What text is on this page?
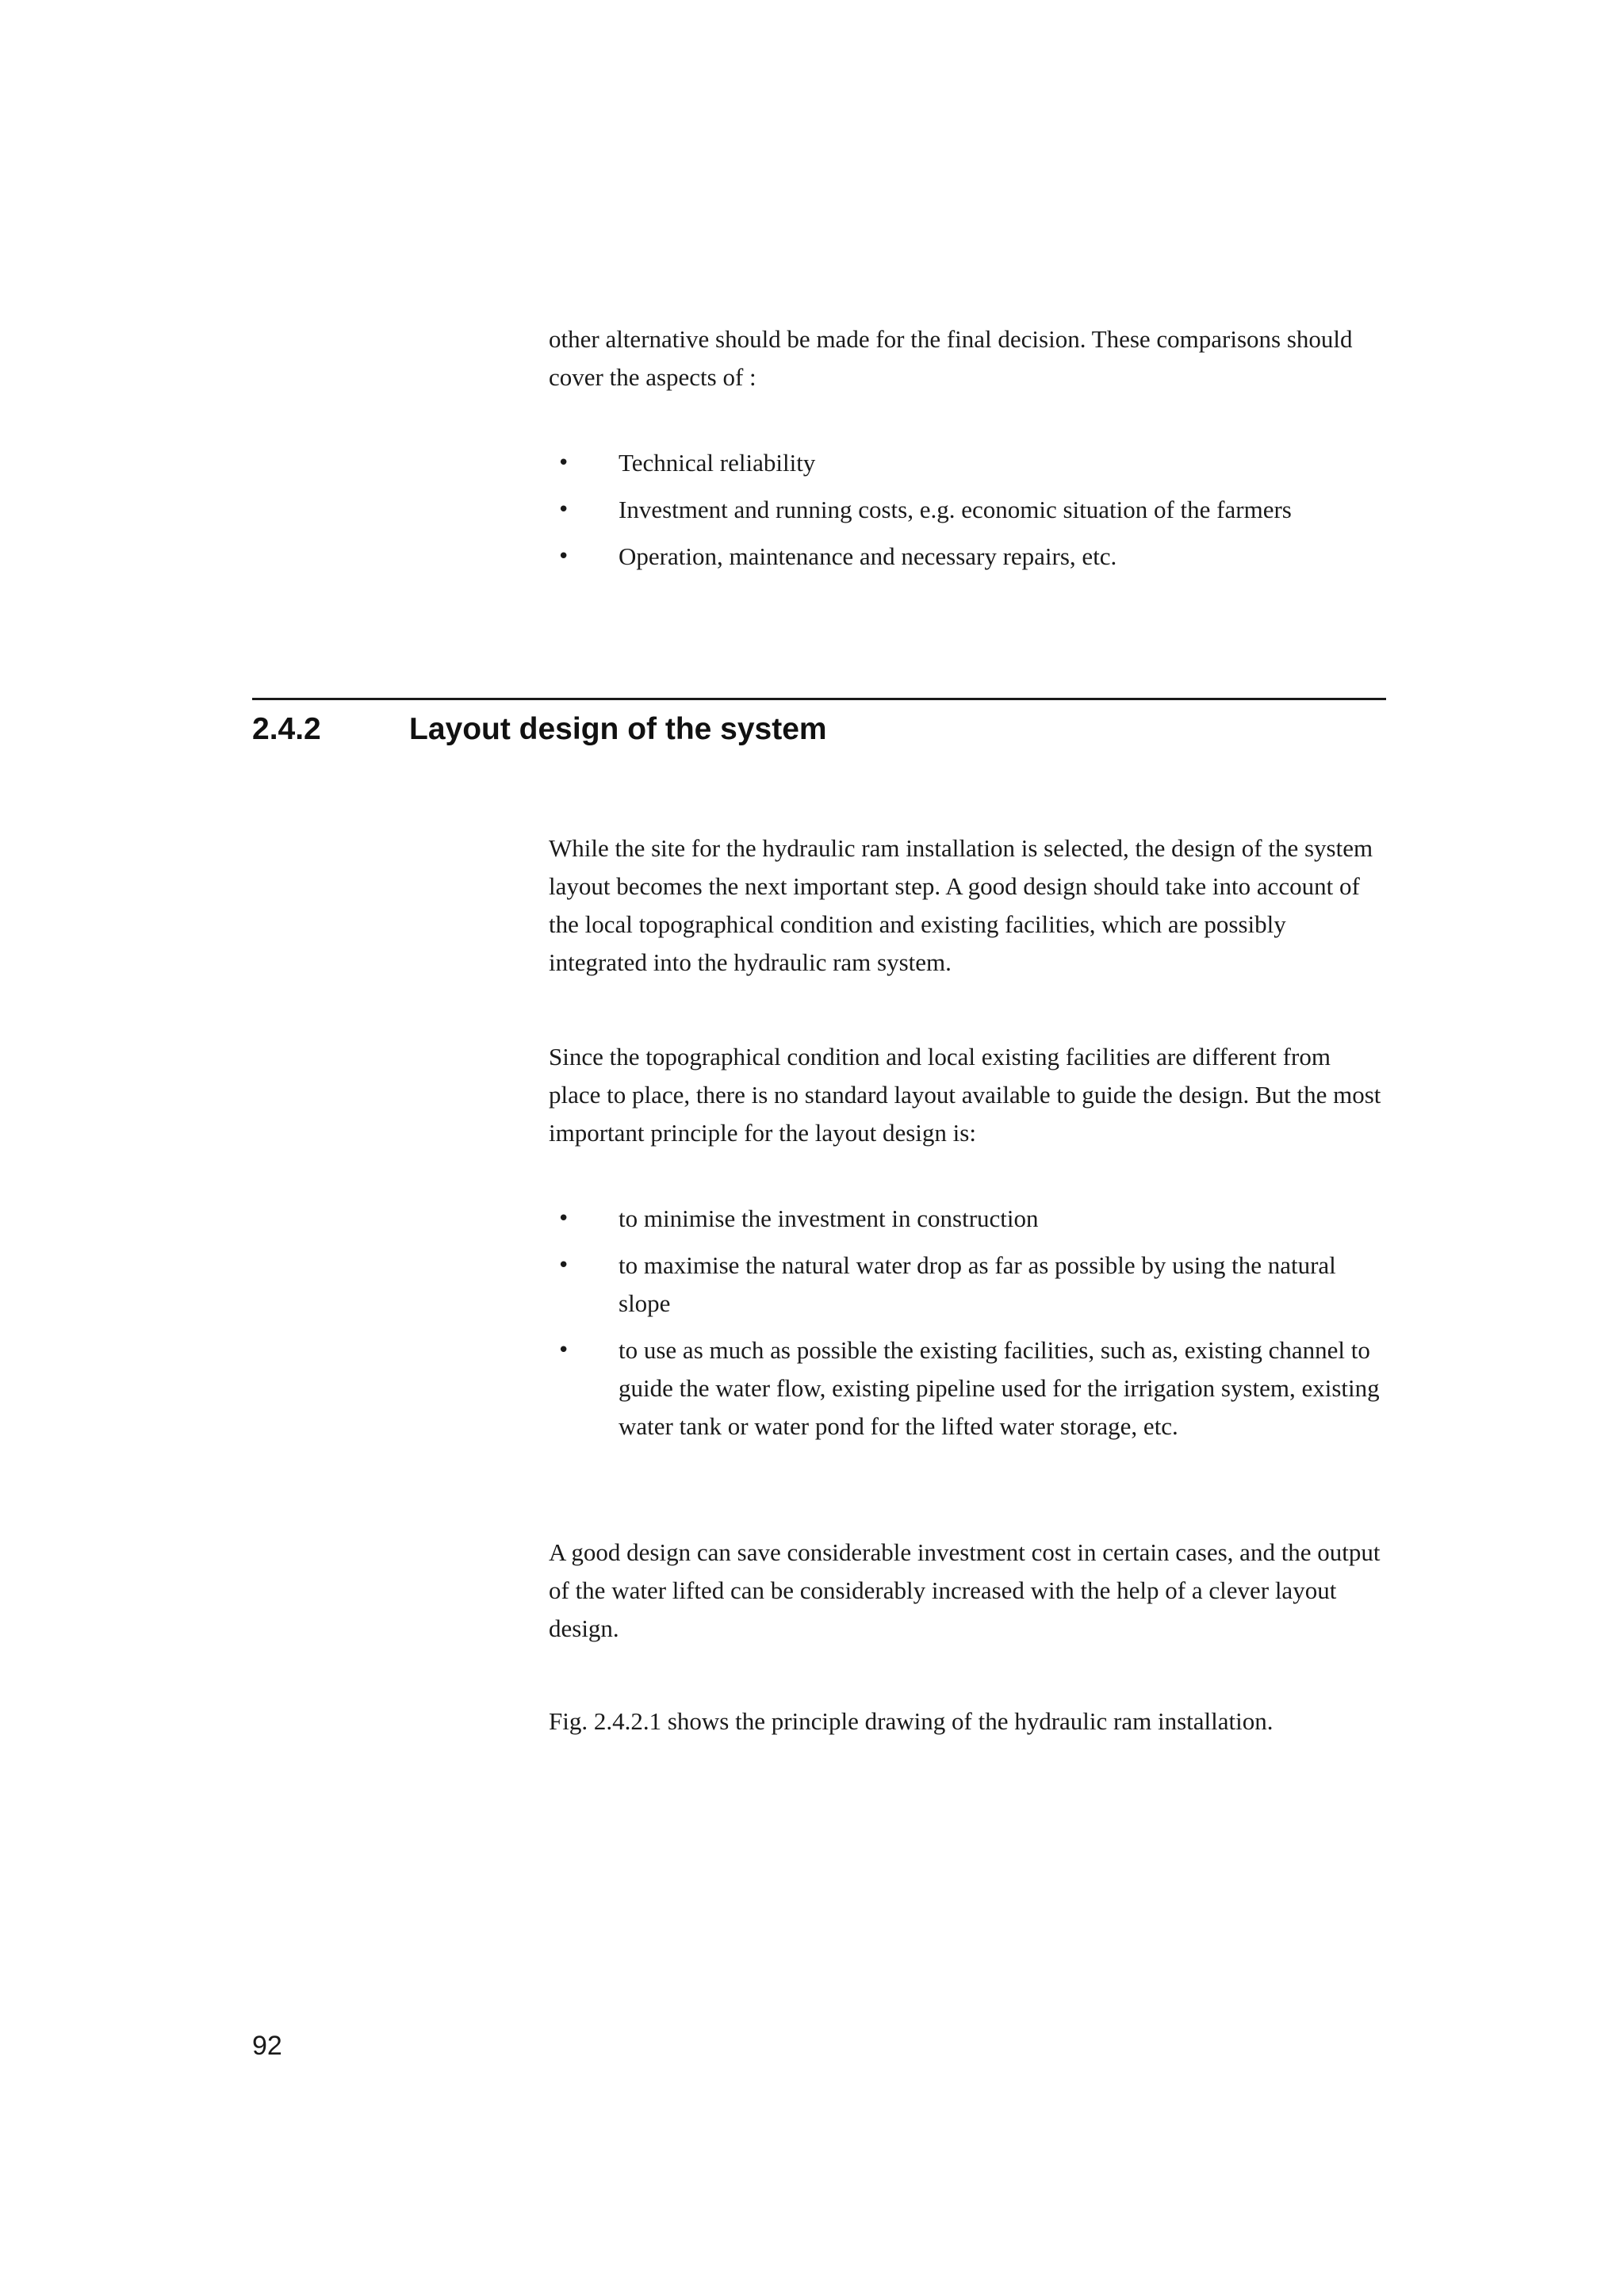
other alternative should be made for the final decision. These comparisons should cover the aspects of :

•	Technical reliability
•	Investment and running costs, e.g. economic situation of the farmers
•	Operation, maintenance and necessary repairs, etc.
2.4.2	Layout design of the system

While the site for the hydraulic ram installation is selected, the design of the system layout becomes the next important step. A good design should take into account of the local topographical condition and existing facilities, which are possibly integrated into the hydraulic ram system.

Since the topographical condition and local existing facilities are different from place to place, there is no standard layout available to guide the design. But the most important principle for the layout design is:

•	to minimise the investment in construction
•	to maximise the natural water drop as far as possible by using the natural slope
•	to use as much as possible the existing facilities, such as, existing channel to guide the water flow, existing pipeline used for the irrigation system, existing water tank or water pond for the lifted water storage, etc.

A good design can save considerable investment cost in certain cases, and the output of the water lifted can be considerably increased with the help of a clever layout design.

Fig. 2.4.2.1 shows the principle drawing of the hydraulic ram installation.

92
